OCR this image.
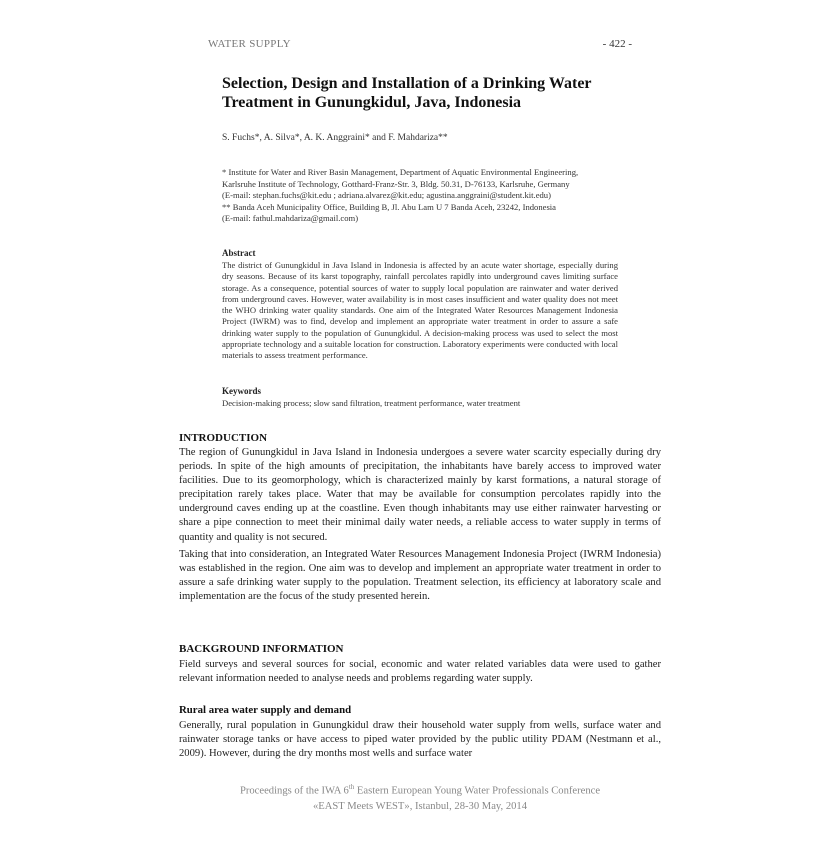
WATER SUPPLY	- 422 -
Selection, Design and Installation of a Drinking Water
Treatment in Gunungkidul, Java, Indonesia
S. Fuchs*, A. Silva*, A. K. Anggraini* and F. Mahdariza**
* Institute for Water and River Basin Management, Department of Aquatic Environmental Engineering,
Karlsruhe Institute of Technology, Gotthard-Franz-Str. 3, Bldg. 50.31, D-76133, Karlsruhe, Germany
(E-mail: stephan.fuchs@kit.edu ; adriana.alvarez@kit.edu; agustina.anggraini@student.kit.edu)
** Banda Aceh Municipality Office, Building B, Jl. Abu Lam U 7 Banda Aceh, 23242, Indonesia
(E-mail: fathul.mahdariza@gmail.com)
Abstract
The district of Gunungkidul in Java Island in Indonesia is affected by an acute water shortage, especially during dry seasons. Because of its karst topography, rainfall percolates rapidly into underground caves limiting surface storage. As a consequence, potential sources of water to supply local population are rainwater and water derived from underground caves. However, water availability is in most cases insufficient and water quality does not meet the WHO drinking water quality standards. One aim of the Integrated Water Resources Management Indonesia Project (IWRM) was to find, develop and implement an appropriate water treatment in order to assure a safe drinking water supply to the population of Gunungkidul. A decision-making process was used to select the most appropriate technology and a suitable location for construction. Laboratory experiments were conducted with local materials to assess treatment performance.
Keywords
Decision-making process; slow sand filtration, treatment performance, water treatment
INTRODUCTION
The region of Gunungkidul in Java Island in Indonesia undergoes a severe water scarcity especially during dry periods. In spite of the high amounts of precipitation, the inhabitants have barely access to improved water facilities. Due to its geomorphology, which is characterized mainly by karst formations, a natural storage of precipitation rarely takes place. Water that may be available for consumption percolates rapidly into the underground caves ending up at the coastline. Even though inhabitants may use either rainwater harvesting or share a pipe connection to meet their minimal daily water needs, a reliable access to water supply in terms of quantity and quality is not secured.
Taking that into consideration, an Integrated Water Resources Management Indonesia Project (IWRM Indonesia) was established in the region. One aim was to develop and implement an appropriate water treatment in order to assure a safe drinking water supply to the population. Treatment selection, its efficiency at laboratory scale and implementation are the focus of the study presented herein.
BACKGROUND INFORMATION
Field surveys and several sources for social, economic and water related variables data were used to gather relevant information needed to analyse needs and problems regarding water supply.
Rural area water supply and demand
Generally, rural population in Gunungkidul draw their household water supply from wells, surface water and rainwater storage tanks or have access to piped water provided by the public utility PDAM (Nestmann et al., 2009). However, during the dry months most wells and surface water
Proceedings of the IWA 6th Eastern European Young Water Professionals Conference
«EAST Meets WEST», Istanbul, 28-30 May, 2014
